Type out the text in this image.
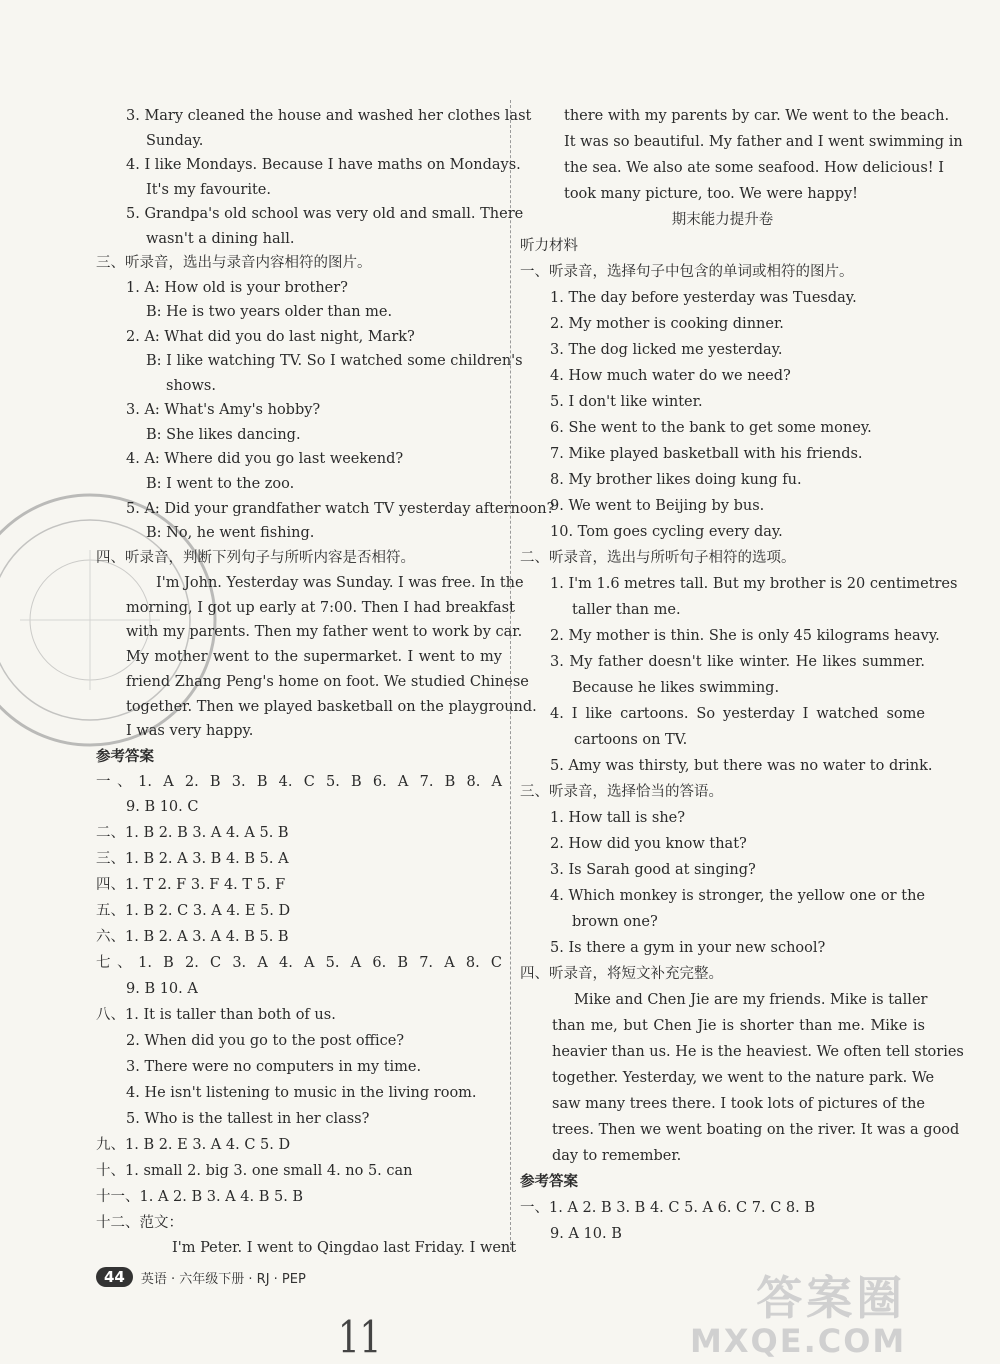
3. Mary cleaned the house and washed her clothes last
Sunday.
4. I like Mondays. Because I have maths on Mondays.
It's my favourite.
5. Grandpa's old school was very old and small. There
wasn't a dining hall.
三、听录音，选出与录音内容相符的图片。
1. A: How old is your brother?
B: He is two years older than me.
2. A: What did you do last night, Mark?
B: I like watching TV. So I watched some children's
shows.
3. A: What's Amy's hobby?
B: She likes dancing.
4. A: Where did you go last weekend?
B: I went to the zoo.
5. A: Did your grandfather watch TV yesterday afternoon?
B: No, he went fishing.
四、听录音，判断下列句子与所听内容是否相符。
I'm John. Yesterday was Sunday. I was free. In the
morning, I got up early at 7:00. Then I had breakfast
with my parents. Then my father went to work by car.
My mother went to the supermarket. I went to my
friend Zhang Peng's home on foot. We studied Chinese
together. Then we played basketball on the playground.
I was very happy.
参考答案
一、1. A 2. B 3. B 4. C 5. B 6. A 7. B 8. A
9. B 10. C
二、1. B 2. B 3. A 4. A 5. B
三、1. B 2. A 3. B 4. B 5. A
四、1. T 2. F 3. F 4. T 5. F
五、1. B 2. C 3. A 4. E 5. D
六、1. B 2. A 3. A 4. B 5. B
七、1. B 2. C 3. A 4. A 5. A 6. B 7. A 8. C
9. B 10. A
八、1. It is taller than both of us.
2. When did you go to the post office?
3. There were no computers in my time.
4. He isn't listening to music in the living room.
5. Who is the tallest in her class?
九、1. B 2. E 3. A 4. C 5. D
十、1. small 2. big 3. one small 4. no 5. can
十一、1. A 2. B 3. A 4. B 5. B
十二、范文：
I'm Peter. I went to Qingdao last Friday. I went
there with my parents by car. We went to the beach.
It was so beautiful. My father and I went swimming in
the sea. We also ate some seafood. How delicious! I
took many picture, too. We were happy!
期末能力提升卷
听力材料
一、听录音，选择句子中包含的单词或相符的图片。
1. The day before yesterday was Tuesday.
2. My mother is cooking dinner.
3. The dog licked me yesterday.
4. How much water do we need?
5. I don't like winter.
6. She went to the bank to get some money.
7. Mike played basketball with his friends.
8. My brother likes doing kung fu.
9. We went to Beijing by bus.
10. Tom goes cycling every day.
二、听录音，选出与所听句子相符的选项。
1. I'm 1.6 metres tall. But my brother is 20 centimetres
taller than me.
2. My mother is thin. She is only 45 kilograms heavy.
3. My father doesn't like winter. He likes summer.
Because he likes swimming.
4. I like cartoons. So yesterday I watched some
cartoons on TV.
5. Amy was thirsty, but there was no water to drink.
三、听录音，选择恰当的答语。
1. How tall is she?
2. How did you know that?
3. Is Sarah good at singing?
4. Which monkey is stronger, the yellow one or the
brown one?
5. Is there a gym in your new school?
四、听录音，将短文补充完整。
Mike and Chen Jie are my friends. Mike is taller
than me, but Chen Jie is shorter than me. Mike is
heavier than us. He is the heaviest. We often tell stories
together. Yesterday, we went to the nature park. We
saw many trees there. I took lots of pictures of the
trees. Then we went boating on the river. It was a good
day to remember.
参考答案
一、1. A 2. B 3. B 4. C 5. A 6. C 7. C 8. B
9. A 10. B
44	英语 · 六年级下册 · RJ · PEP
11
答案圈
MXQE.COM
